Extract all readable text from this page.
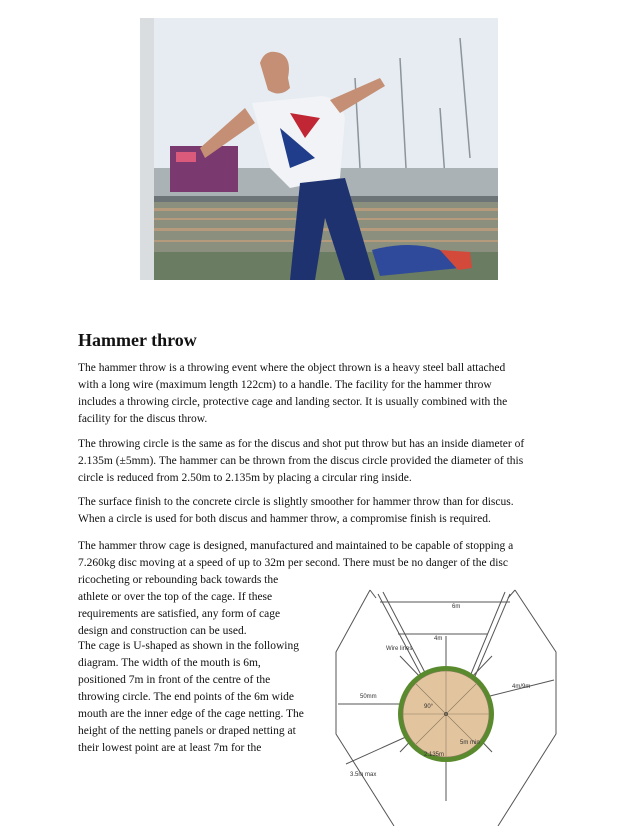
Hammer throw

The hammer throw is a throwing event where the object thrown is a heavy steel ball attached
with a long wire (maximum length 122cm) to a handle. The facility for the hammer throw
includes a throwing circle, protective cage and landing sector. It is usually combined with the
facility for the discus throw.

The throwing circle is the same as for the discus and shot put throw but has an inside diameter of
2.135m (±5mm). The hammer can be thrown from the discus circle provided the diameter of this
circle is reduced from 2.50m to 2.135m by placing a circular ring inside.

The surface finish to the concrete circle is slightly smoother for hammer throw than for discus.
When a circle is used for both discus and hammer throw, a compromise finish is required.

The hammer throw cage is designed, manufactured and maintained to be capable of stopping a
7.260kg disc moving at a speed of up to 32m per second. There must be no danger of the disc
ricocheting or rebounding back towards the
athlete or over the top of the cage. If these
requirements are satisfied, any form of cage
design and construction can be used.

The cage is U-shaped as shown in the following
diagram. The width of the mouth is 6m,
positioned 7m in front of the centre of the
throwing circle. The end points of the 6m wide
mouth are the inner edge of the cage netting. The
height of the netting panels or draped netting at
their lowest point are at least 7m for the

6m
4m
Wire lines
50mm
90°
5m min
2.135m
4m/9m
3.5m max
